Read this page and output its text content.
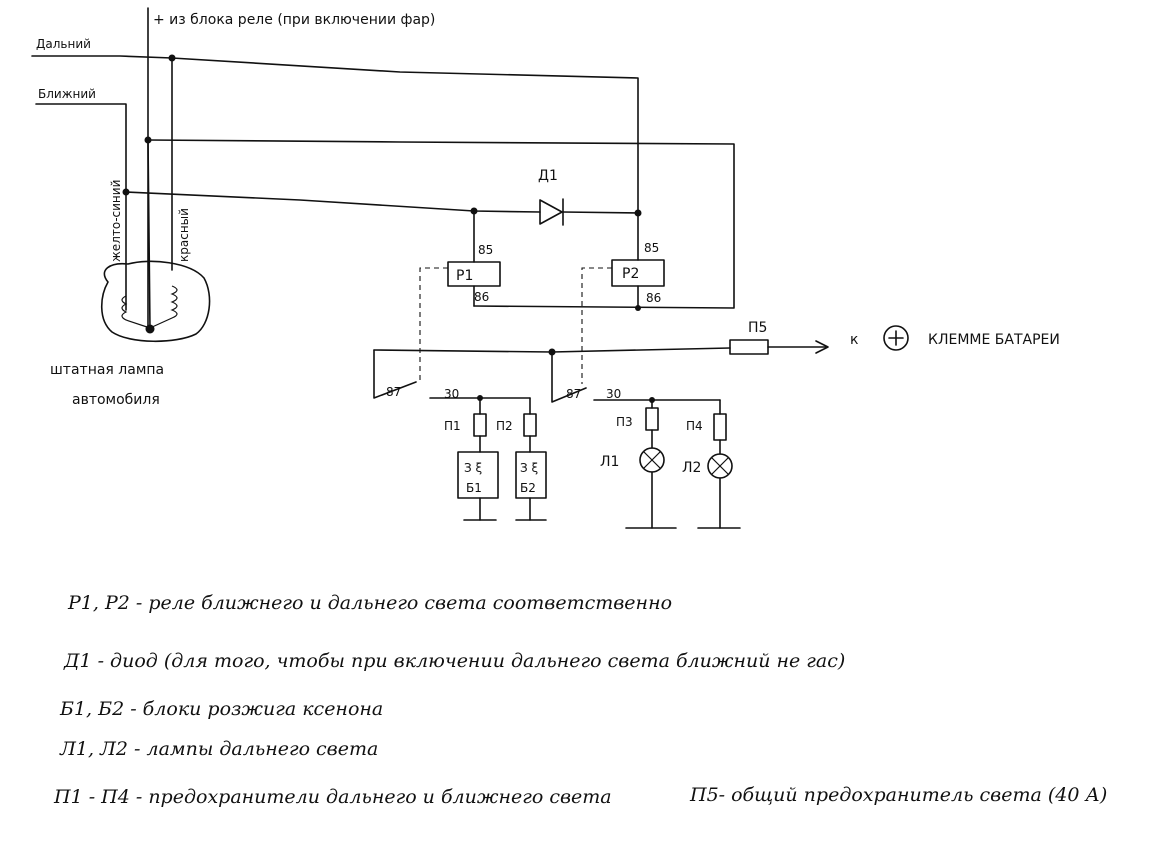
+ из блока реле (при включении фар)
Дальний
Ближний
Д1
желто-синий	красный
штатная лампа
автомобиля
Р1
85
86
Р2
85
86
П5
к	КЛЕММЕ БАТАРЕИ
87	30	87 30
П1	П2
З ξ
Б1
З ξ
Б2
П3
Л1
П4
Л2
Р1, Р2 - реле ближнего и дальнего света соответственно
Д1 - диод (для того, чтобы при включении дальнего света ближний не гас)
Б1, Б2 - блоки розжига ксенона
Л1, Л2 - лампы дальнего света
П1 - П4 - предохранители дальнего и ближнего света	П5- общий предохранитель света (40 А)
